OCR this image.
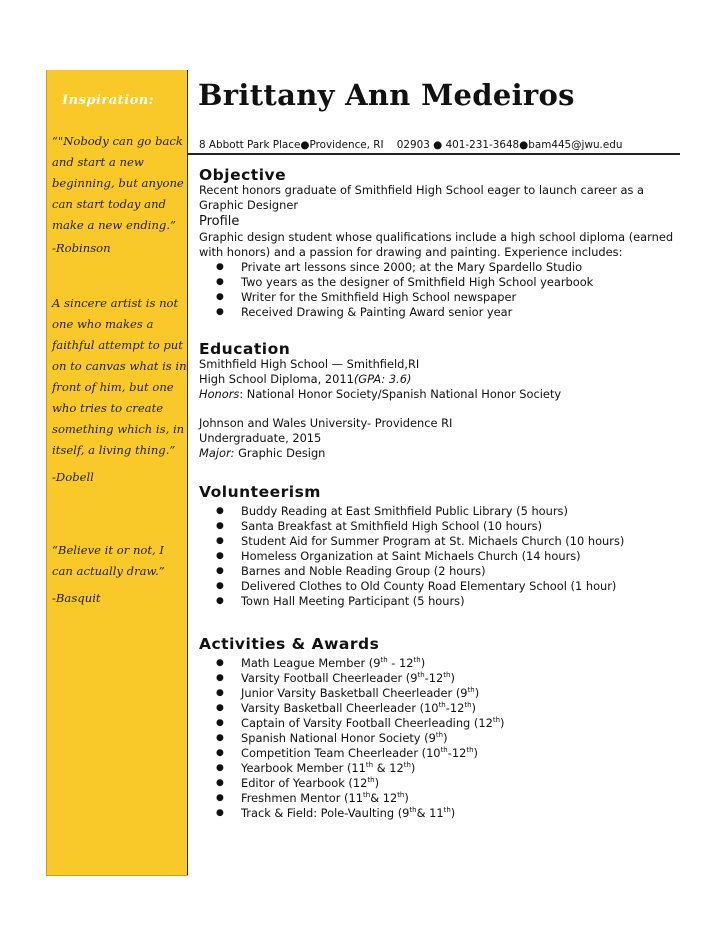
Inspiration:
“"Nobody can go back and start a new beginning, but anyone can start today and make a new ending.”
-Robinson
A sincere artist is not one who makes a faithful attempt to put on to canvas what is in front of him, but one who tries to create something which is, in itself, a living thing.”
-Dobell
“Believe it or not, I can actually draw.”
-Basquit
Brittany Ann Medeiros
8 Abbott Park Place●Providence, RI 02903 ● 401-231-3648●bam445@jwu.edu
Objective

Recent honors graduate of Smithfield High School eager to launch career as a Graphic Designer

Profile

Graphic design student whose qualifications include a high school diploma (earned with honors) and a passion for drawing and painting. Experience includes:

● Private art lessons since 2000; at the Mary Spardello Studio
● Two years as the designer of Smithfield High School yearbook
● Writer for the Smithfield High School newspaper
● Received Drawing & Painting Award senior year
Education

Smithfield High School — Smithfield,RI

High School Diploma, 2011(GPA: 3.6)

Honors: National Honor Society/Spanish National Honor Society

Johnson and Wales University- Providence RI

Undergraduate, 2015

Major: Graphic Design

Volunteerism
● Buddy Reading at East Smithfield Public Library (5 hours)
● Santa Breakfast at Smithfield High School (10 hours)
● Student Aid for Summer Program at St. Michaels Church (10 hours)
● Homeless Organization at Saint Michaels Church (14 hours)
● Barnes and Noble Reading Group (2 hours)
● Delivered Clothes to Old County Road Elementary School (1 hour)
● Town Hall Meeting Participant (5 hours)
Activities & Awards
● Math League Member (9th - 12th)
● Varsity Football Cheerleader (9th-12th)
● Junior Varsity Basketball Cheerleader (9th)
● Varsity Basketball Cheerleader (10th-12th)
● Captain of Varsity Football Cheerleading (12th)
● Spanish National Honor Society (9th)
● Competition Team Cheerleader (10th-12th)
● Yearbook Member (11th & 12th)
● Editor of Yearbook (12th)
● Freshmen Mentor (11th& 12th)
● Track & Field: Pole-Vaulting (9th& 11th)
